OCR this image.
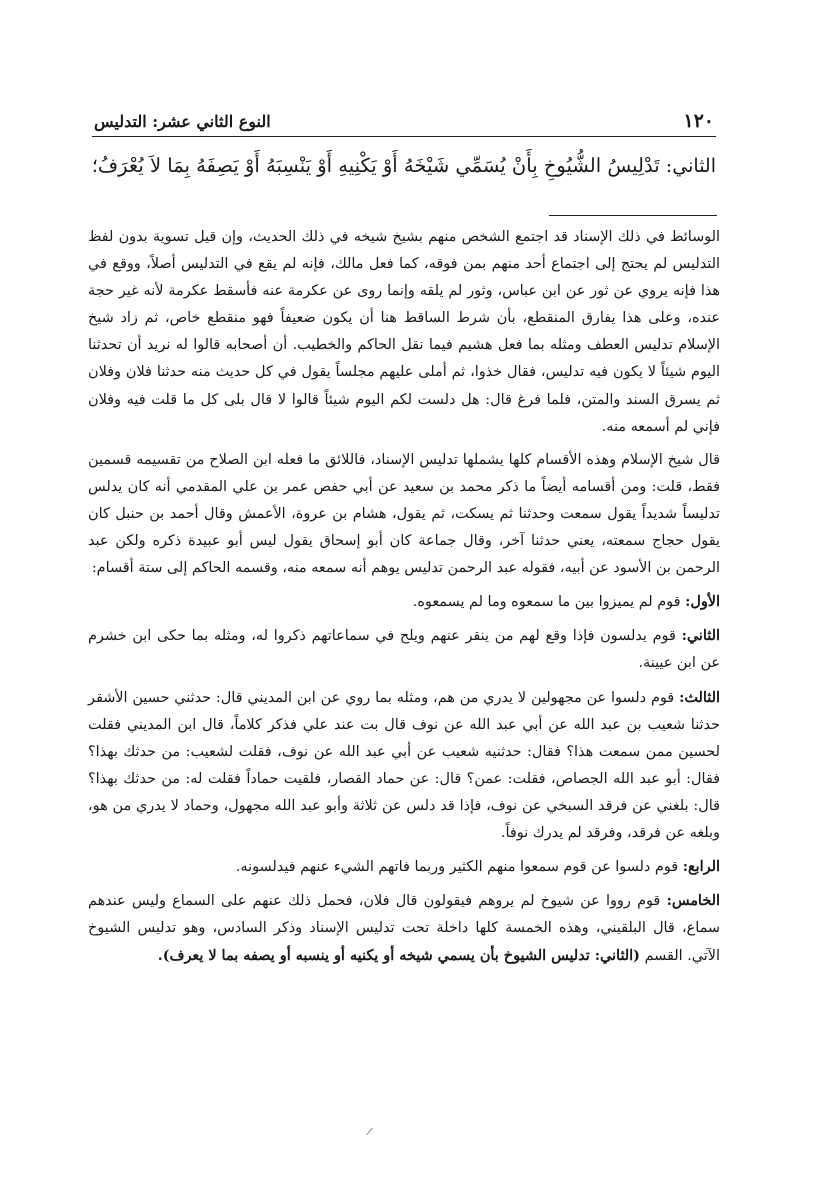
١٢٠
النوع الثاني عشر: التدليس
الثاني: تَدْلِيسُ الشُّيُوخِ بِأَنْ يُسَمِّي شَيْخَهُ أَوْ يَكْنِيهِ أَوْ يَنْسِبَهُ أَوْ يَصِفَهُ بِمَا لاَ يُعْرَفُ؛

الوسائط في ذلك الإسناد قد اجتمع الشخص منهم بشيخ شيخه في ذلك الحديث، وإن قيل تسوية بدون لفظ التدليس لم يحتج إلى اجتماع أحد منهم بمن فوقه، كما فعل مالك، فإنه لم يقع في التدليس أصلاً، ووقع في هذا فإنه يروي عن ثور عن ابن عباس، وثور لم يلقه وإنما روى عن عكرمة عنه فأسقط عكرمة لأنه غير حجة عنده، وعلى هذا يفارق المنقطع، بأن شرط الساقط هنا أن يكون ضعيفاً فهو منقطع خاص، ثم زاد شيخ الإسلام تدليس العطف ومثله بما فعل هشيم فيما نقل الحاكم والخطيب. أن أصحابه قالوا له نريد أن تحدثنا اليوم شيئاً لا يكون فيه تدليس، فقال خذوا، ثم أملى عليهم مجلساً يقول في كل حديث منه حدثنا فلان وفلان ثم يسرق السند والمتن، فلما فرغ قال: هل دلست لكم اليوم شيئاً قالوا لا قال بلى كل ما قلت فيه وفلان فإني لم أسمعه منه.

قال شيخ الإسلام وهذه الأقسام كلها يشملها تدليس الإسناد، فاللائق ما فعله ابن الصلاح من تقسيمه قسمين فقط، قلت: ومن أقسامه أيضاً ما ذكر محمد بن سعيد عن أبي حفص عمر بن علي المقدمي أنه كان يدلس تدليساً شديداً يقول سمعت وحدثنا ثم يسكت، ثم يقول، هشام بن عروة، الأعمش وقال أحمد بن حنبل كان يقول حجاج سمعته، يعني حدثنا آخر، وقال جماعة كان أبو إسحاق يقول ليس أبو عبيدة ذكره ولكن عبد الرحمن بن الأسود عن أبيه، فقوله عبد الرحمن تدليس يوهم أنه سمعه منه، وقسمه الحاكم إلى ستة أقسام:

الأول: قوم لم يميزوا بين ما سمعوه وما لم يسمعوه.

الثاني: قوم يدلسون فإذا وقع لهم من ينقر عنهم ويلح في سماعاتهم ذكروا له، ومثله بما حكى ابن خشرم عن ابن عيينة.

الثالث: قوم دلسوا عن مجهولين لا يدري من هم، ومثله بما روي عن ابن المديني قال: حدثني حسين الأشقر حدثنا شعيب بن عبد الله عن أبي عبد الله عن نوف قال بت عند علي فذكر كلاماً، قال ابن المديني فقلت لحسين ممن سمعت هذا؟ فقال: حدثنيه شعيب عن أبي عبد الله عن نوف، فقلت لشعيب: من حدثك بهذا؟ فقال: أبو عبد الله الجصاص، فقلت: عمن؟ قال: عن حماد القصار، فلقيت حماداً فقلت له: من حدثك بهذا؟ قال: بلغني عن فرقد السبخي عن نوف، فإذا قد دلس عن ثلاثة وأبو عبد الله مجهول، وحماد لا يدري من هو، وبلغه عن فرقد، وفرقد لم يدرك نوفاً.

الرابع: قوم دلسوا عن قوم سمعوا منهم الكثير وربما فاتهم الشيء عنهم فيدلسونه.

الخامس: قوم رووا عن شيوخ لم يروهم فيقولون قال فلان، فحمل ذلك عنهم على السماع وليس عندهم سماع، قال البلقيني، وهذه الخمسة كلها داخلة تحت تدليس الإسناد وذكر السادس، وهو تدليس الشيوخ الآتي. القسم (الثاني: تدليس الشيوخ بأن يسمي شيخه أو يكنيه أو ينسبه أو يصفه بما لا يعرف).
